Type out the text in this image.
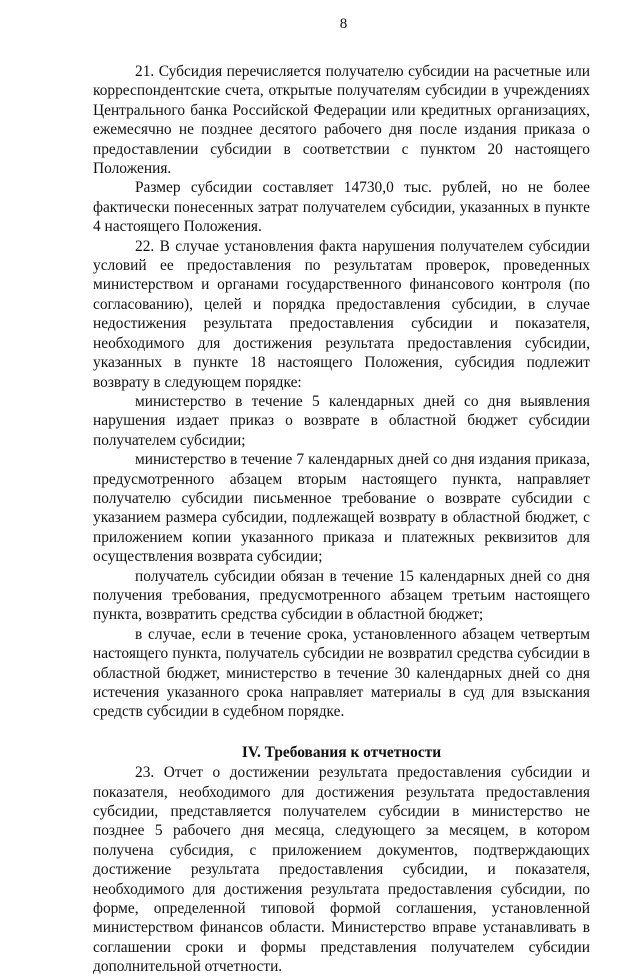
8

21. Субсидия перечисляется получателю субсидии на расчетные или корреспондентские счета, открытые получателям субсидии в учреждениях Центрального банка Российской Федерации или кредитных организациях, ежемесячно не позднее десятого рабочего дня после издания приказа о предоставлении субсидии в соответствии с пунктом 20 настоящего Положения.

Размер субсидии составляет 14730,0 тыс. рублей, но не более фактически понесенных затрат получателем субсидии, указанных в пункте 4 настоящего Положения.

22. В случае установления факта нарушения получателем субсидии условий ее предоставления по результатам проверок, проведенных министерством и органами государственного финансового контроля (по согласованию), целей и порядка предоставления субсидии, в случае недостижения результата предоставления субсидии и показателя, необходимого для достижения результата предоставления субсидии, указанных в пункте 18 настоящего Положения, субсидия подлежит возврату в следующем порядке:

министерство в течение 5 календарных дней со дня выявления нарушения издает приказ о возврате в областной бюджет субсидии получателем субсидии;

министерство в течение 7 календарных дней со дня издания приказа, предусмотренного абзацем вторым настоящего пункта, направляет получателю субсидии письменное требование о возврате субсидии с указанием размера субсидии, подлежащей возврату в областной бюджет, с приложением копии указанного приказа и платежных реквизитов для осуществления возврата субсидии;

получатель субсидии обязан в течение 15 календарных дней со дня получения требования, предусмотренного абзацем третьим настоящего пункта, возвратить средства субсидии в областной бюджет;

в случае, если в течение срока, установленного абзацем четвертым настоящего пункта, получатель субсидии не возвратил средства субсидии в областной бюджет, министерство в течение 30 календарных дней со дня истечения указанного срока направляет материалы в суд для взыскания средств субсидии в судебном порядке.

IV. Требования к отчетности

23. Отчет о достижении результата предоставления субсидии и показателя, необходимого для достижения результата предоставления субсидии, представляется получателем субсидии в министерство не позднее 5 рабочего дня месяца, следующего за месяцем, в котором получена субсидия, с приложением документов, подтверждающих достижение результата предоставления субсидии, и показателя, необходимого для достижения результата предоставления субсидии, по форме, определенной типовой формой соглашения, установленной министерством финансов области. Министерство вправе устанавливать в соглашении сроки и формы представления получателем субсидии дополнительной отчетности.
